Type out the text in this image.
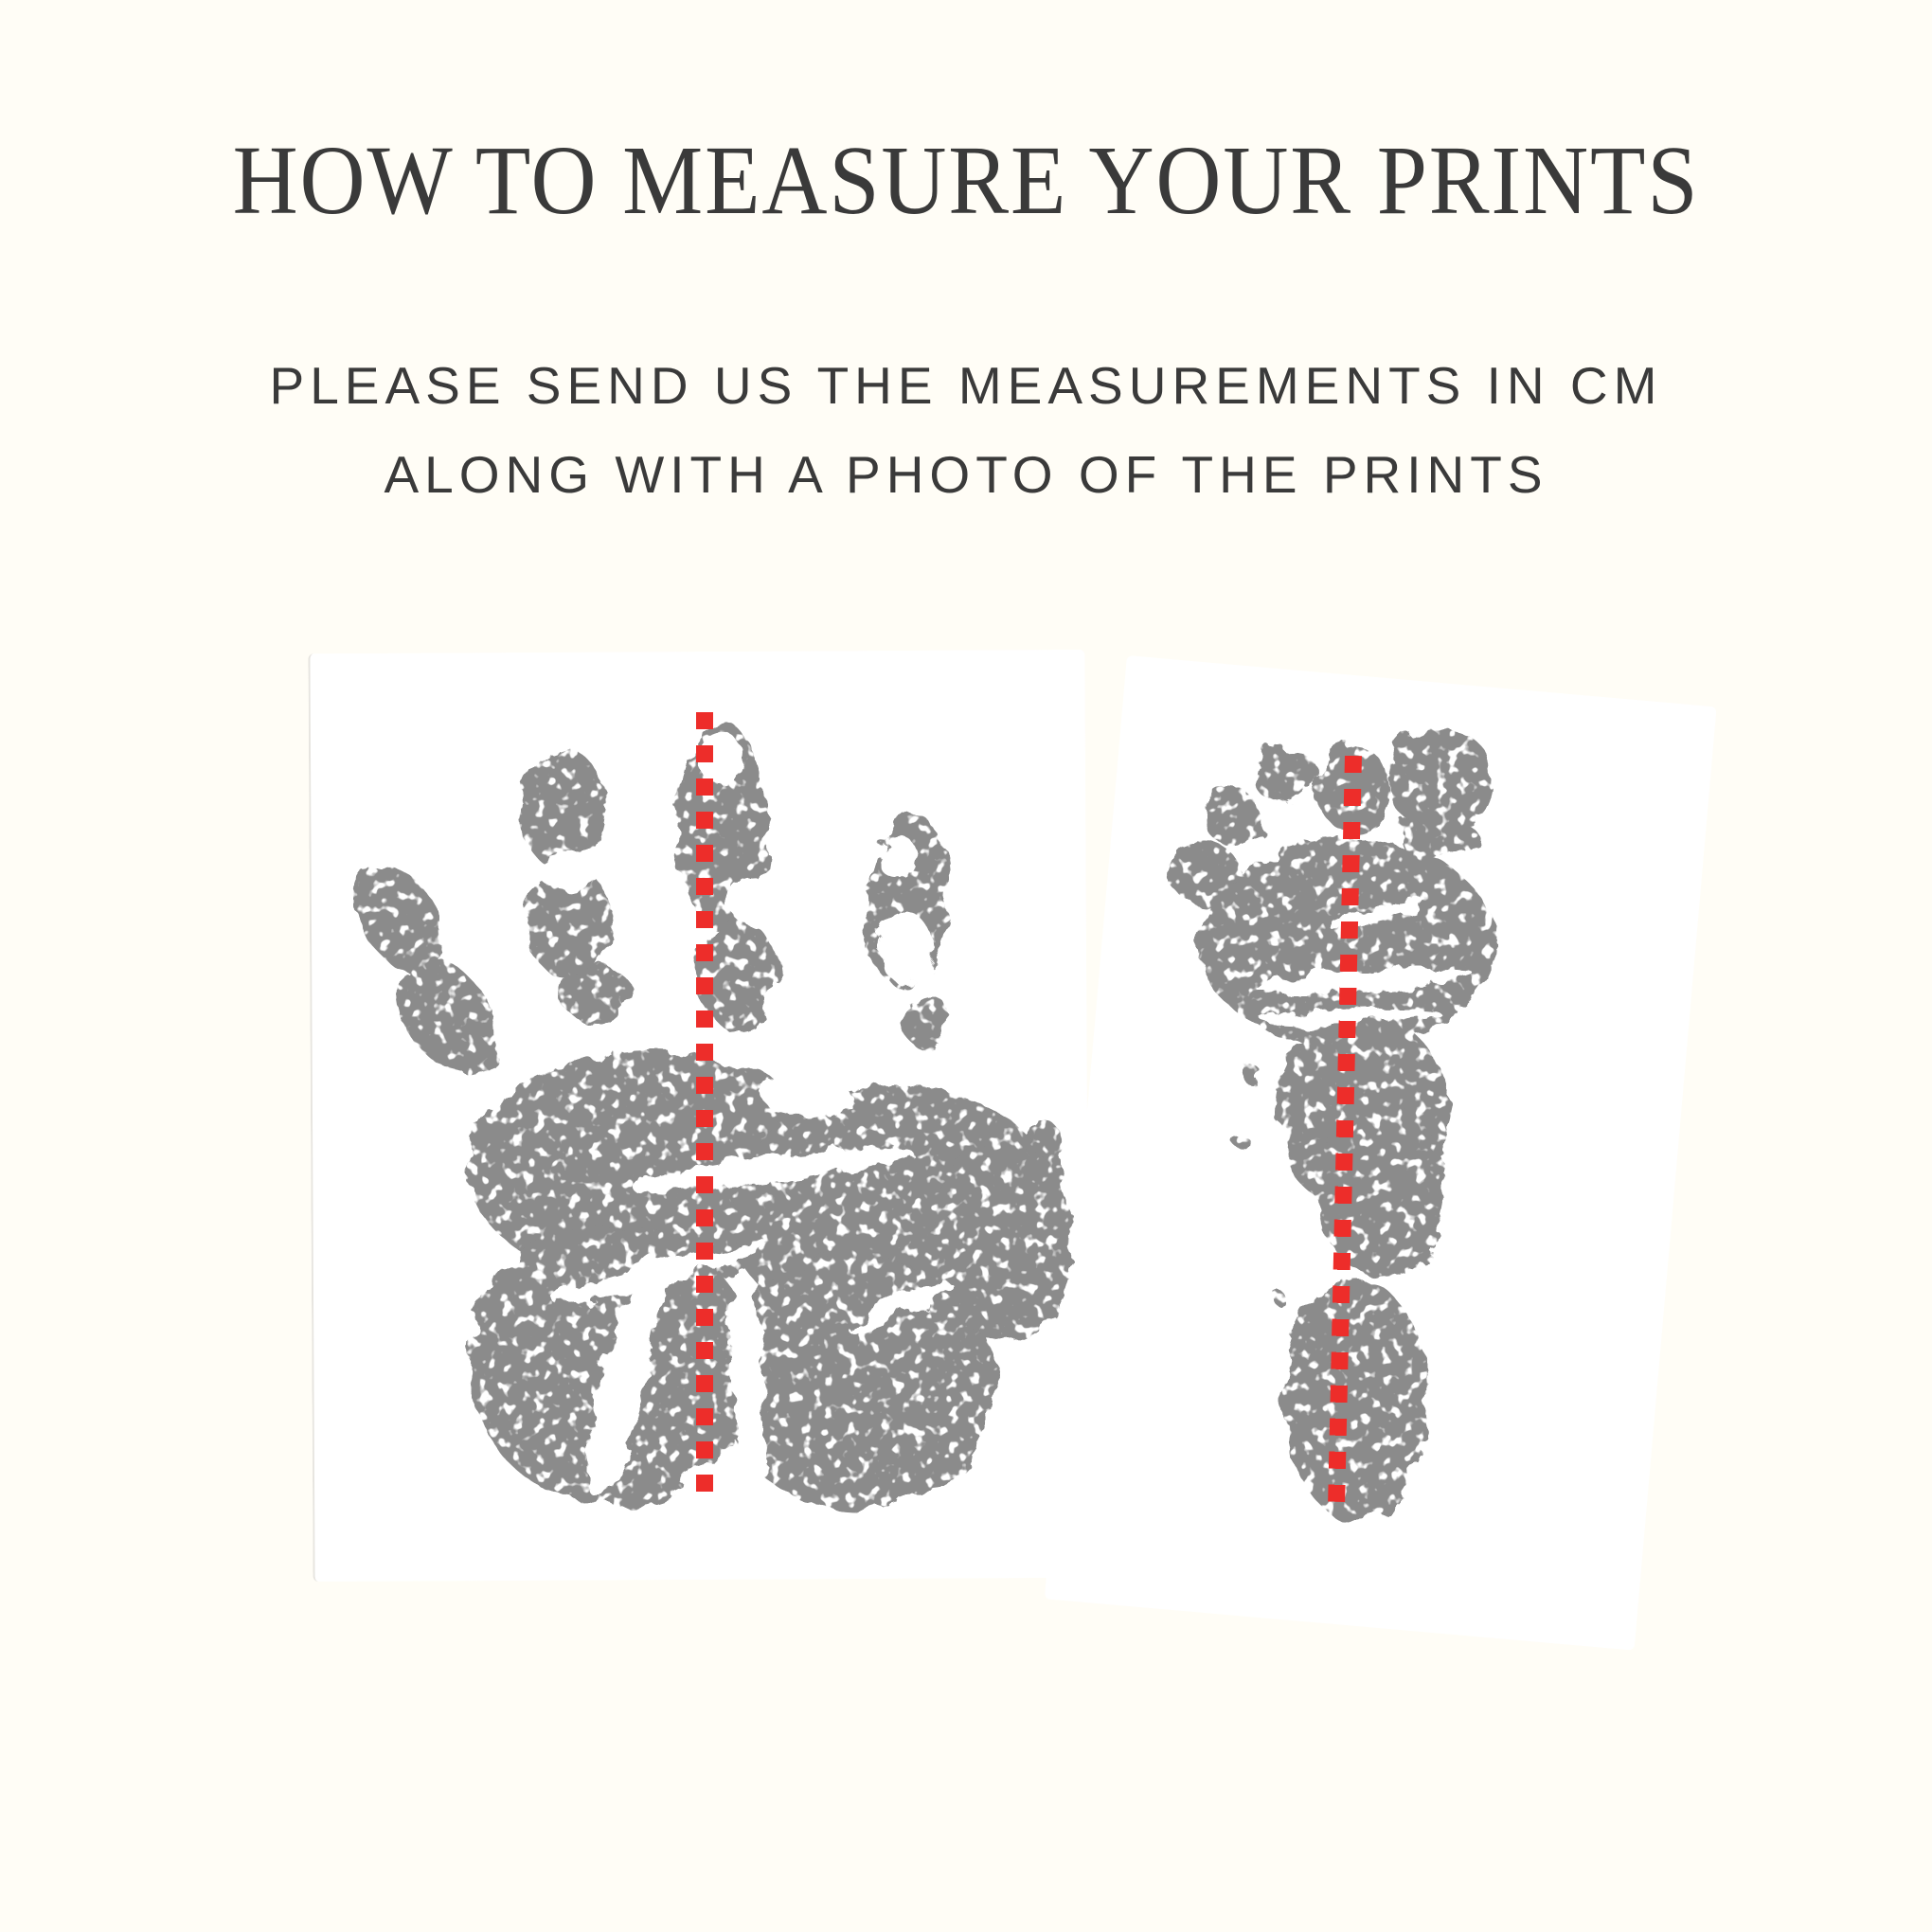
HOW TO MEASURE YOUR PRINTS
PLEASE SEND US THE MEASUREMENTS IN CM
ALONG WITH A PHOTO OF THE PRINTS
